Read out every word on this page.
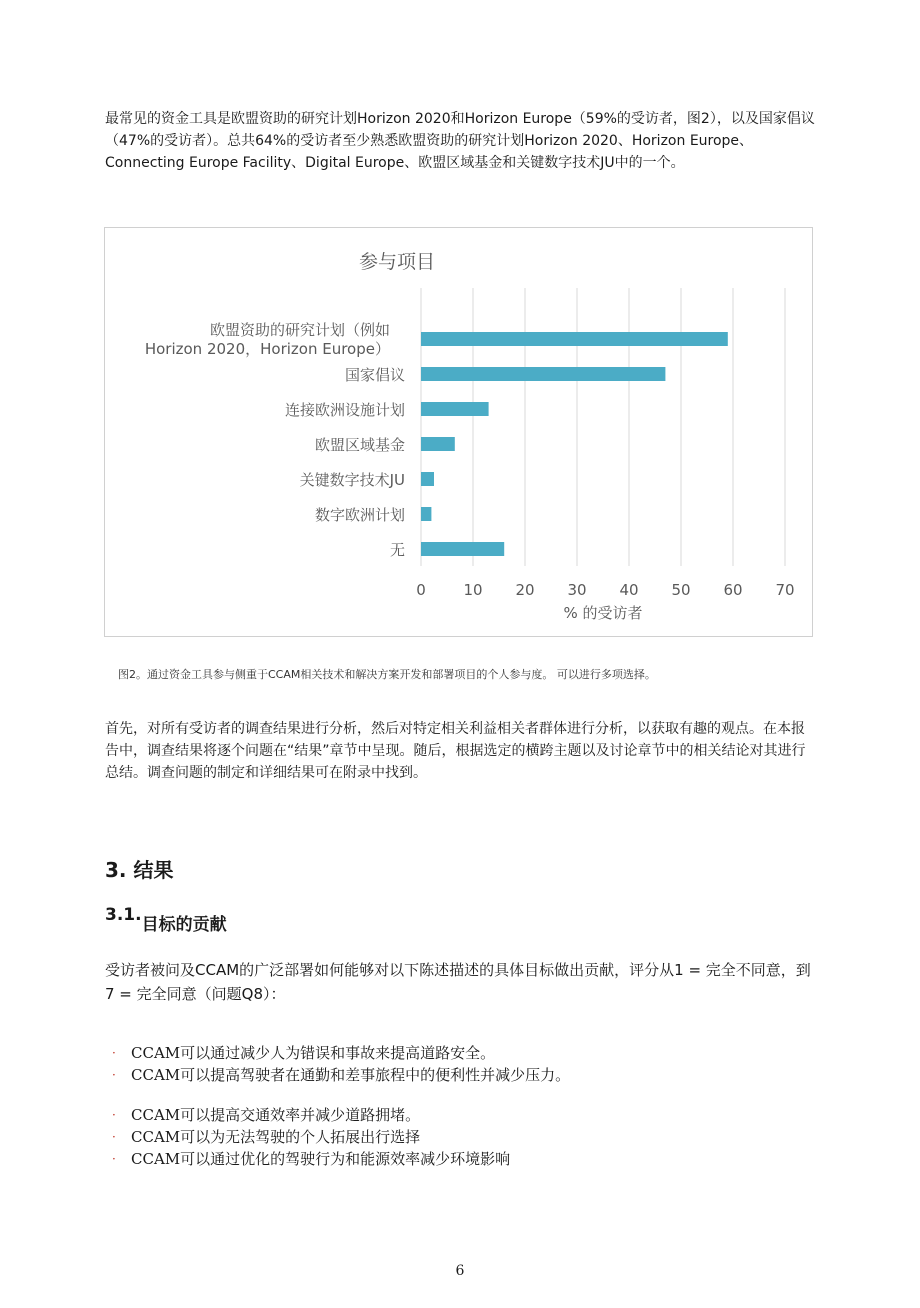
最常见的资金工具是欧盟资助的研究计划Horizon 2020和Horizon Europe（59%的受访者，图2），以及国家倡议（47%的受访者）。总共64%的受访者至少熟悉欧盟资助的研究计划Horizon 2020、Horizon Europe、Connecting Europe Facility、Digital Europe、欧盟区域基金和关键数字技术JU中的一个。

参与项目
0	10 20 30 40 50 60 70
欧盟资助的研究计划（例如
Horizon 2020，Horizon Europe）
国家倡议
连接欧洲设施计划
欧盟区域基金
关键数字技术JU
数字欧洲计划
无
% 的受访者

图2。通过资金工具参与侧重于CCAM相关技术和解决方案开发和部署项目的个人参与度。 可以进行多项选择。

首先，对所有受访者的调查结果进行分析，然后对特定相关利益相关者群体进行分析，以获取有趣的观点。在本报告中，调查结果将逐个问题在“结果”章节中呈现。随后，根据选定的横跨主题以及讨论章节中的相关结论对其进行总结。调查问题的制定和详细结果可在附录中找到。

3. 结果
$^{3.1.}$目标的贡献

受访者被问及CCAM的广泛部署如何能够对以下陈述描述的具体目标做出贡献，评分从1 = 完全不同意，到7 = 完全同意（问题Q8）：

· CCAM可以通过减少人为错误和事故来提高道路安全。
· CCAM可以提高驾驶者在通勤和差事旅程中的便利性并减少压力。
· CCAM可以提高交通效率并减少道路拥堵。
· CCAM可以为无法驾驶的个人拓展出行选择
· CCAM可以通过优化的驾驶行为和能源效率减少环境影响

6
